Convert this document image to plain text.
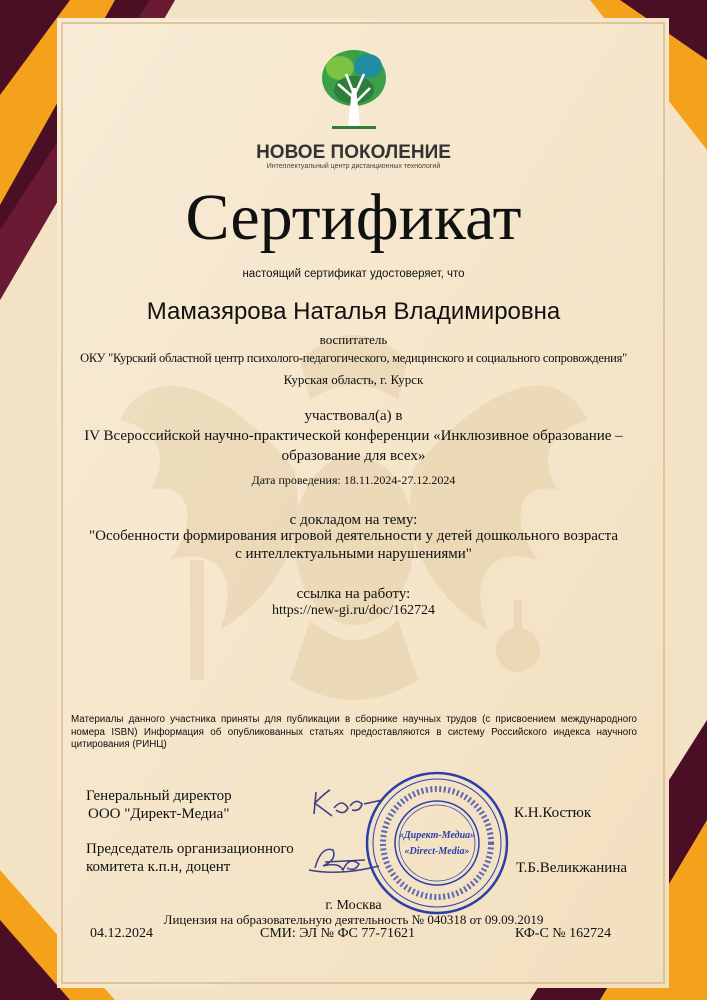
НОВОЕ ПОКОЛЕНИЕ
Интеллектуальный центр дистанционных технологий
Сертификат
настоящий сертификат удостоверяет, что
Мамазярова Наталья Владимировна
воспитатель
ОКУ "Курский областной центр психолого-педагогического, медицинского и социального сопровождения"
Курская область, г. Курск
участвовал(а) в
IV Всероссийской научно-практической конференции «Инклюзивное образование –
образование для всех»
Дата проведения: 18.11.2024-27.12.2024
с докладом на тему:
"Особенности формирования игровой деятельности у детей дошкольного возраста
с интеллектуальными нарушениями"
ссылка на работу:
https://new-gi.ru/doc/162724
Материалы данного участника приняты для публикации в сборнике научных трудов (с присвоением международного номера ISBN) Информация об опубликованных статьях предоставляются в систему Российского индекса научного цитирования (РИНЦ)
Генеральный директор
ООО "Директ-Медиа"	К.Н.Костюк
Председатель организационного
комитета к.п.н, доцент	Т.Б.Великжанина
«Директ-Медиа»
«Direct-Media»
г. Москва
Лицензия на образовательную деятельность № 040318 от 09.09.2019
04.12.2024	СМИ: ЭЛ № ФС 77-71621	КФ-С № 162724
